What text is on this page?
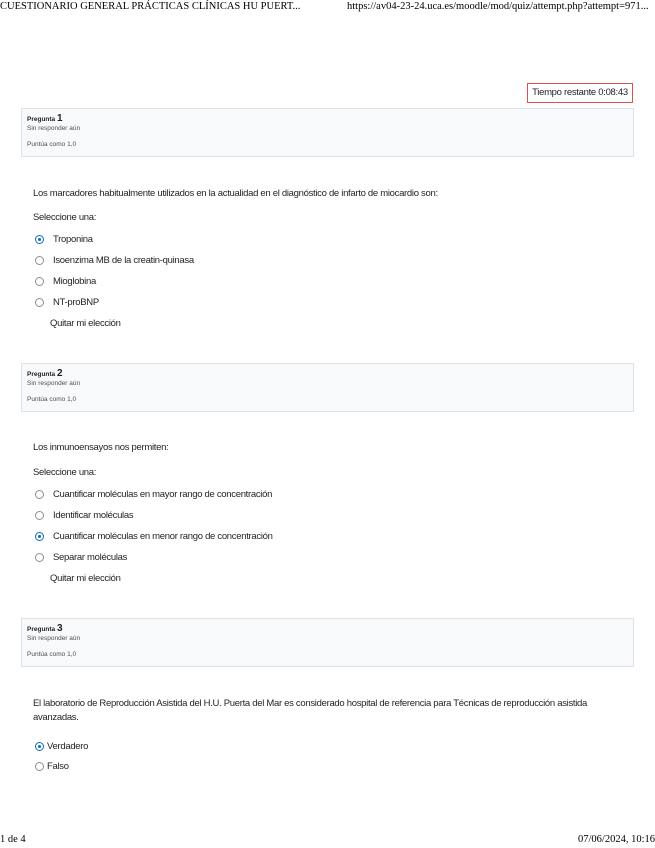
CUESTIONARIO GENERAL PRÁCTICAS CLÍNICAS HU PUERT...	https://av04-23-24.uca.es/moodle/mod/quiz/attempt.php?attempt=971...
Tiempo restante 0:08:43
Pregunta 1
Sin responder aún
Puntúa como 1,0
Los marcadores habitualmente utilizados en la actualidad en el diagnóstico de infarto de miocardio son:
Seleccione una:
Troponina
Isoenzima MB de la creatin-quinasa
Mioglobina
NT-proBNP
Quitar mi elección
Pregunta 2
Sin responder aún
Puntúa como 1,0
Los inmunoensayos nos permiten:
Seleccione una:
Cuantificar moléculas en mayor rango de concentración
Identificar moléculas
Cuantificar moléculas en menor rango de concentración
Separar moléculas
Quitar mi elección
Pregunta 3
Sin responder aún
Puntúa como 1,0
El laboratorio de Reproducción Asistida del H.U. Puerta del Mar es considerado hospital de referencia para Técnicas de reproducción asistida
avanzadas.
Verdadero
Falso
1 de 4	07/06/2024, 10:16
